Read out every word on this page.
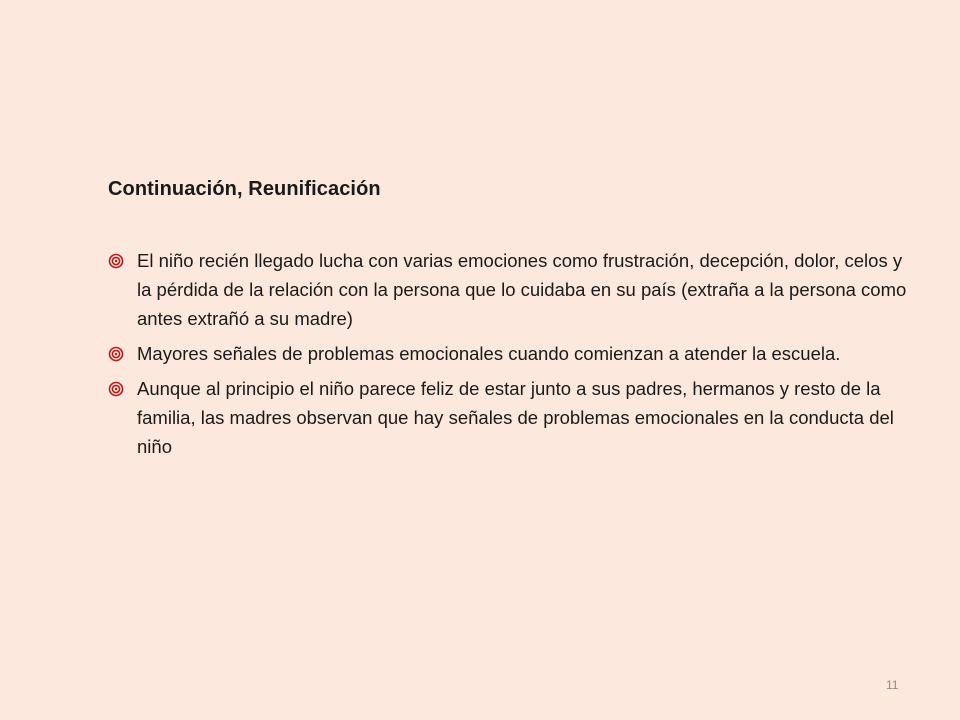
Continuación, Reunificación
El niño recién llegado lucha con varias emociones como frustración, decepción, dolor, celos y la pérdida de la relación con la persona que lo cuidaba en su país (extraña a la persona como antes extrañó a su madre)
Mayores señales de problemas emocionales cuando comienzan a atender la escuela.
Aunque al principio el niño parece feliz de estar junto a sus padres, hermanos y resto de la familia, las madres observan que hay señales de problemas emocionales en la conducta del niño
11
